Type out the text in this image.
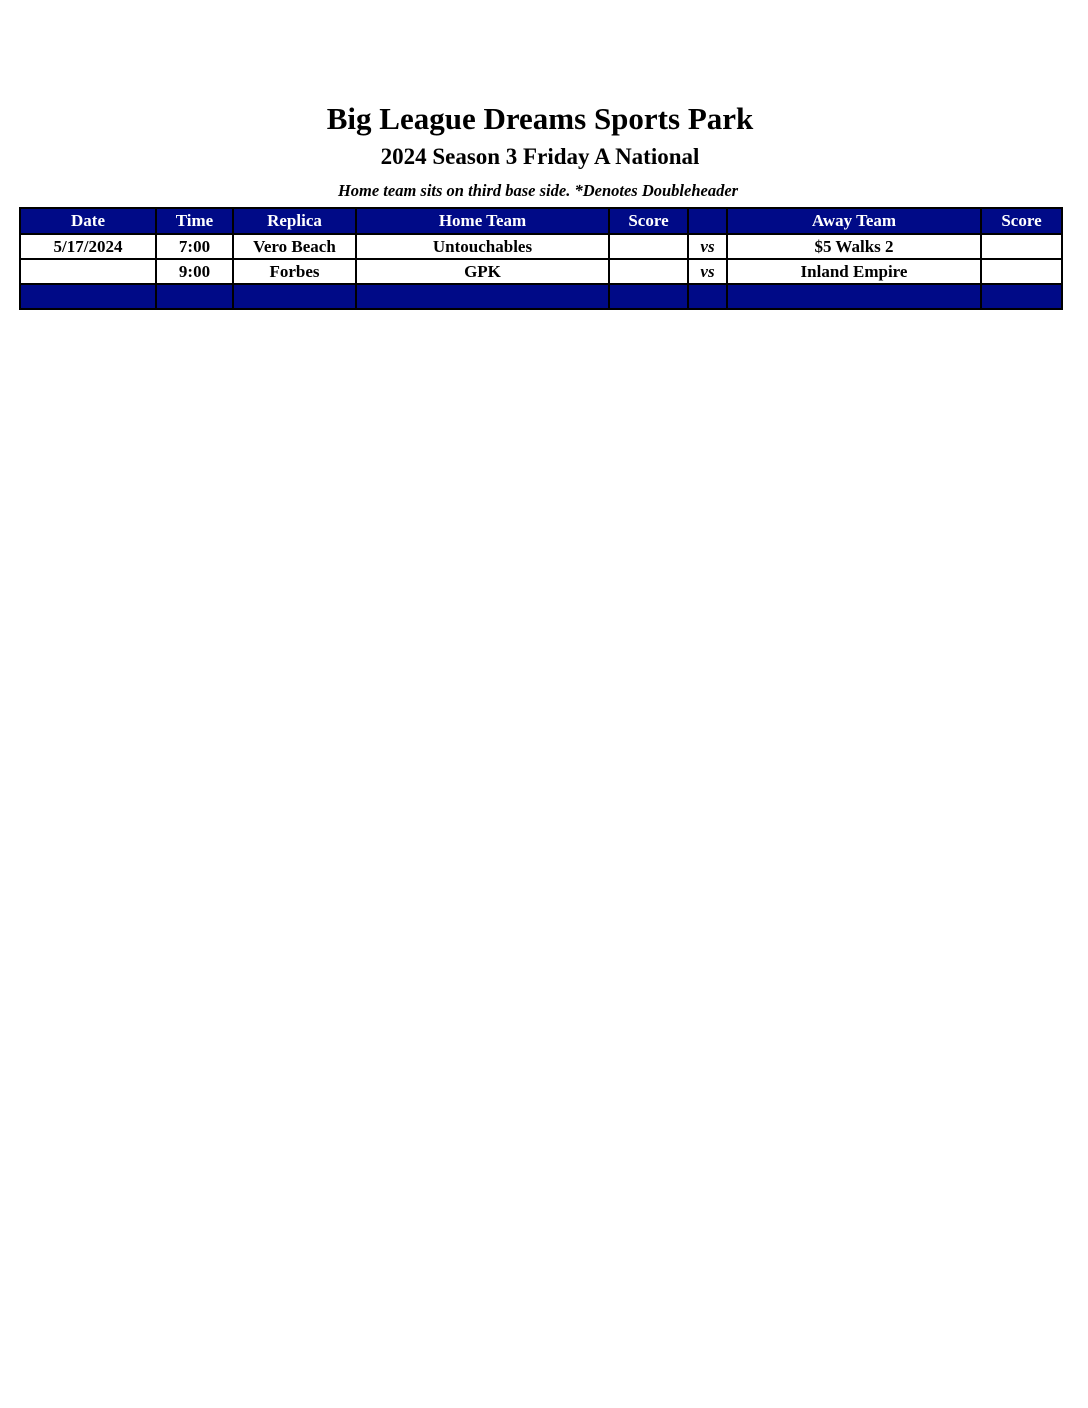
Big League Dreams Sports Park
2024 Season 3 Friday A National
Home team sits on third base side. *Denotes Doubleheader
Date	Time	Replica	Home Team	Score		Away Team	Score
5/17/2024	7:00	Vero Beach	Untouchables		vs	$5 Walks 2	
	9:00	Forbes	GPK		vs	Inland Empire	
